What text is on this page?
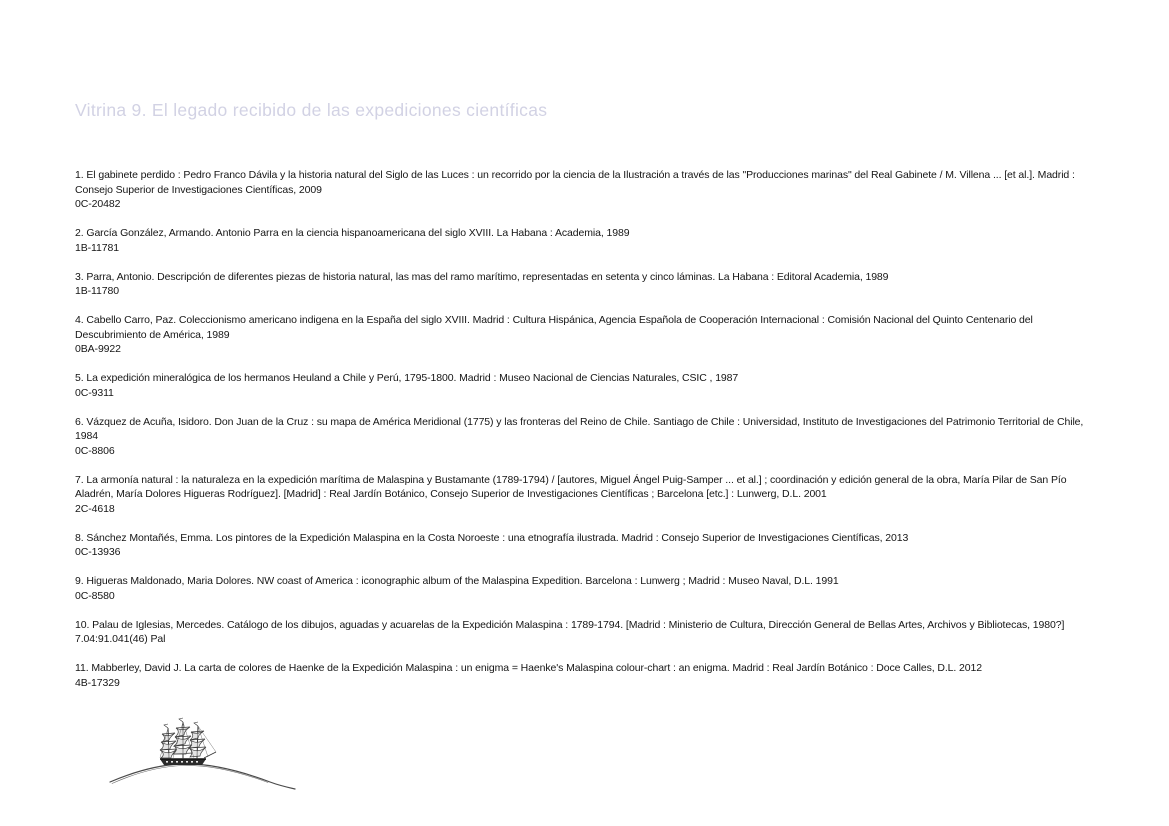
Vitrina 9. El legado recibido de las expediciones científicas

1. El gabinete perdido : Pedro Franco Dávila y la historia natural del Siglo de las Luces : un recorrido por la ciencia de la Ilustración a través de las "Producciones marinas" del Real Gabinete / M. Villena ... [et al.]. Madrid : Consejo Superior de Investigaciones Científicas, 2009

0C-20482

2. García González, Armando. Antonio Parra en la ciencia hispanoamericana del siglo XVIII. La Habana : Academia, 1989

1B-11781

3. Parra, Antonio. Descripción de diferentes piezas de historia natural, las mas del ramo marítimo, representadas en setenta y cinco láminas. La Habana : Editoral Academia, 1989

1B-11780

4. Cabello Carro, Paz. Coleccionismo americano indigena en la España del siglo XVIII. Madrid : Cultura Hispánica, Agencia Española de Cooperación Internacional : Comisión Nacional del Quinto Centenario del Descubrimiento de América, 1989

0BA-9922

5. La expedición mineralógica de los hermanos Heuland a Chile y Perú, 1795-1800. Madrid : Museo Nacional de Ciencias Naturales, CSIC , 1987

0C-9311

6. Vázquez de Acuña, Isidoro. Don Juan de la Cruz : su mapa de América Meridional (1775) y las fronteras del Reino de Chile. Santiago de Chile : Universidad, Instituto de Investigaciones del Patrimonio Territorial de Chile, 1984

0C-8806

7. La armonía natural : la naturaleza en la expedición marítima de Malaspina y Bustamante (1789-1794) / [autores, Miguel Ángel Puig-Samper ... et al.] ; coordinación y edición general de la obra, María Pilar de San Pío Aladrén, María Dolores Higueras Rodríguez]. [Madrid] : Real Jardín Botánico, Consejo Superior de Investigaciones Científicas ; Barcelona [etc.] : Lunwerg, D.L. 2001

2C-4618

8. Sánchez Montañés, Emma. Los pintores de la Expedición Malaspina en la Costa Noroeste : una etnografía ilustrada. Madrid : Consejo Superior de Investigaciones Científicas, 2013

0C-13936

9. Higueras Maldonado, Maria Dolores. NW coast of America : iconographic album of the Malaspina Expedition. Barcelona : Lunwerg ; Madrid : Museo Naval, D.L. 1991

0C-8580

10. Palau de Iglesias, Mercedes. Catálogo de los dibujos, aguadas y acuarelas de la Expedición Malaspina : 1789-1794. [Madrid : Ministerio de Cultura, Dirección General de Bellas Artes, Archivos y Bibliotecas, 1980?]

7.04:91.041(46) Pal

11. Mabberley, David J. La carta de colores de Haenke de la Expedición Malaspina : un enigma = Haenke's Malaspina colour-chart : an enigma. Madrid : Real Jardín Botánico : Doce Calles, D.L. 2012

4B-17329
